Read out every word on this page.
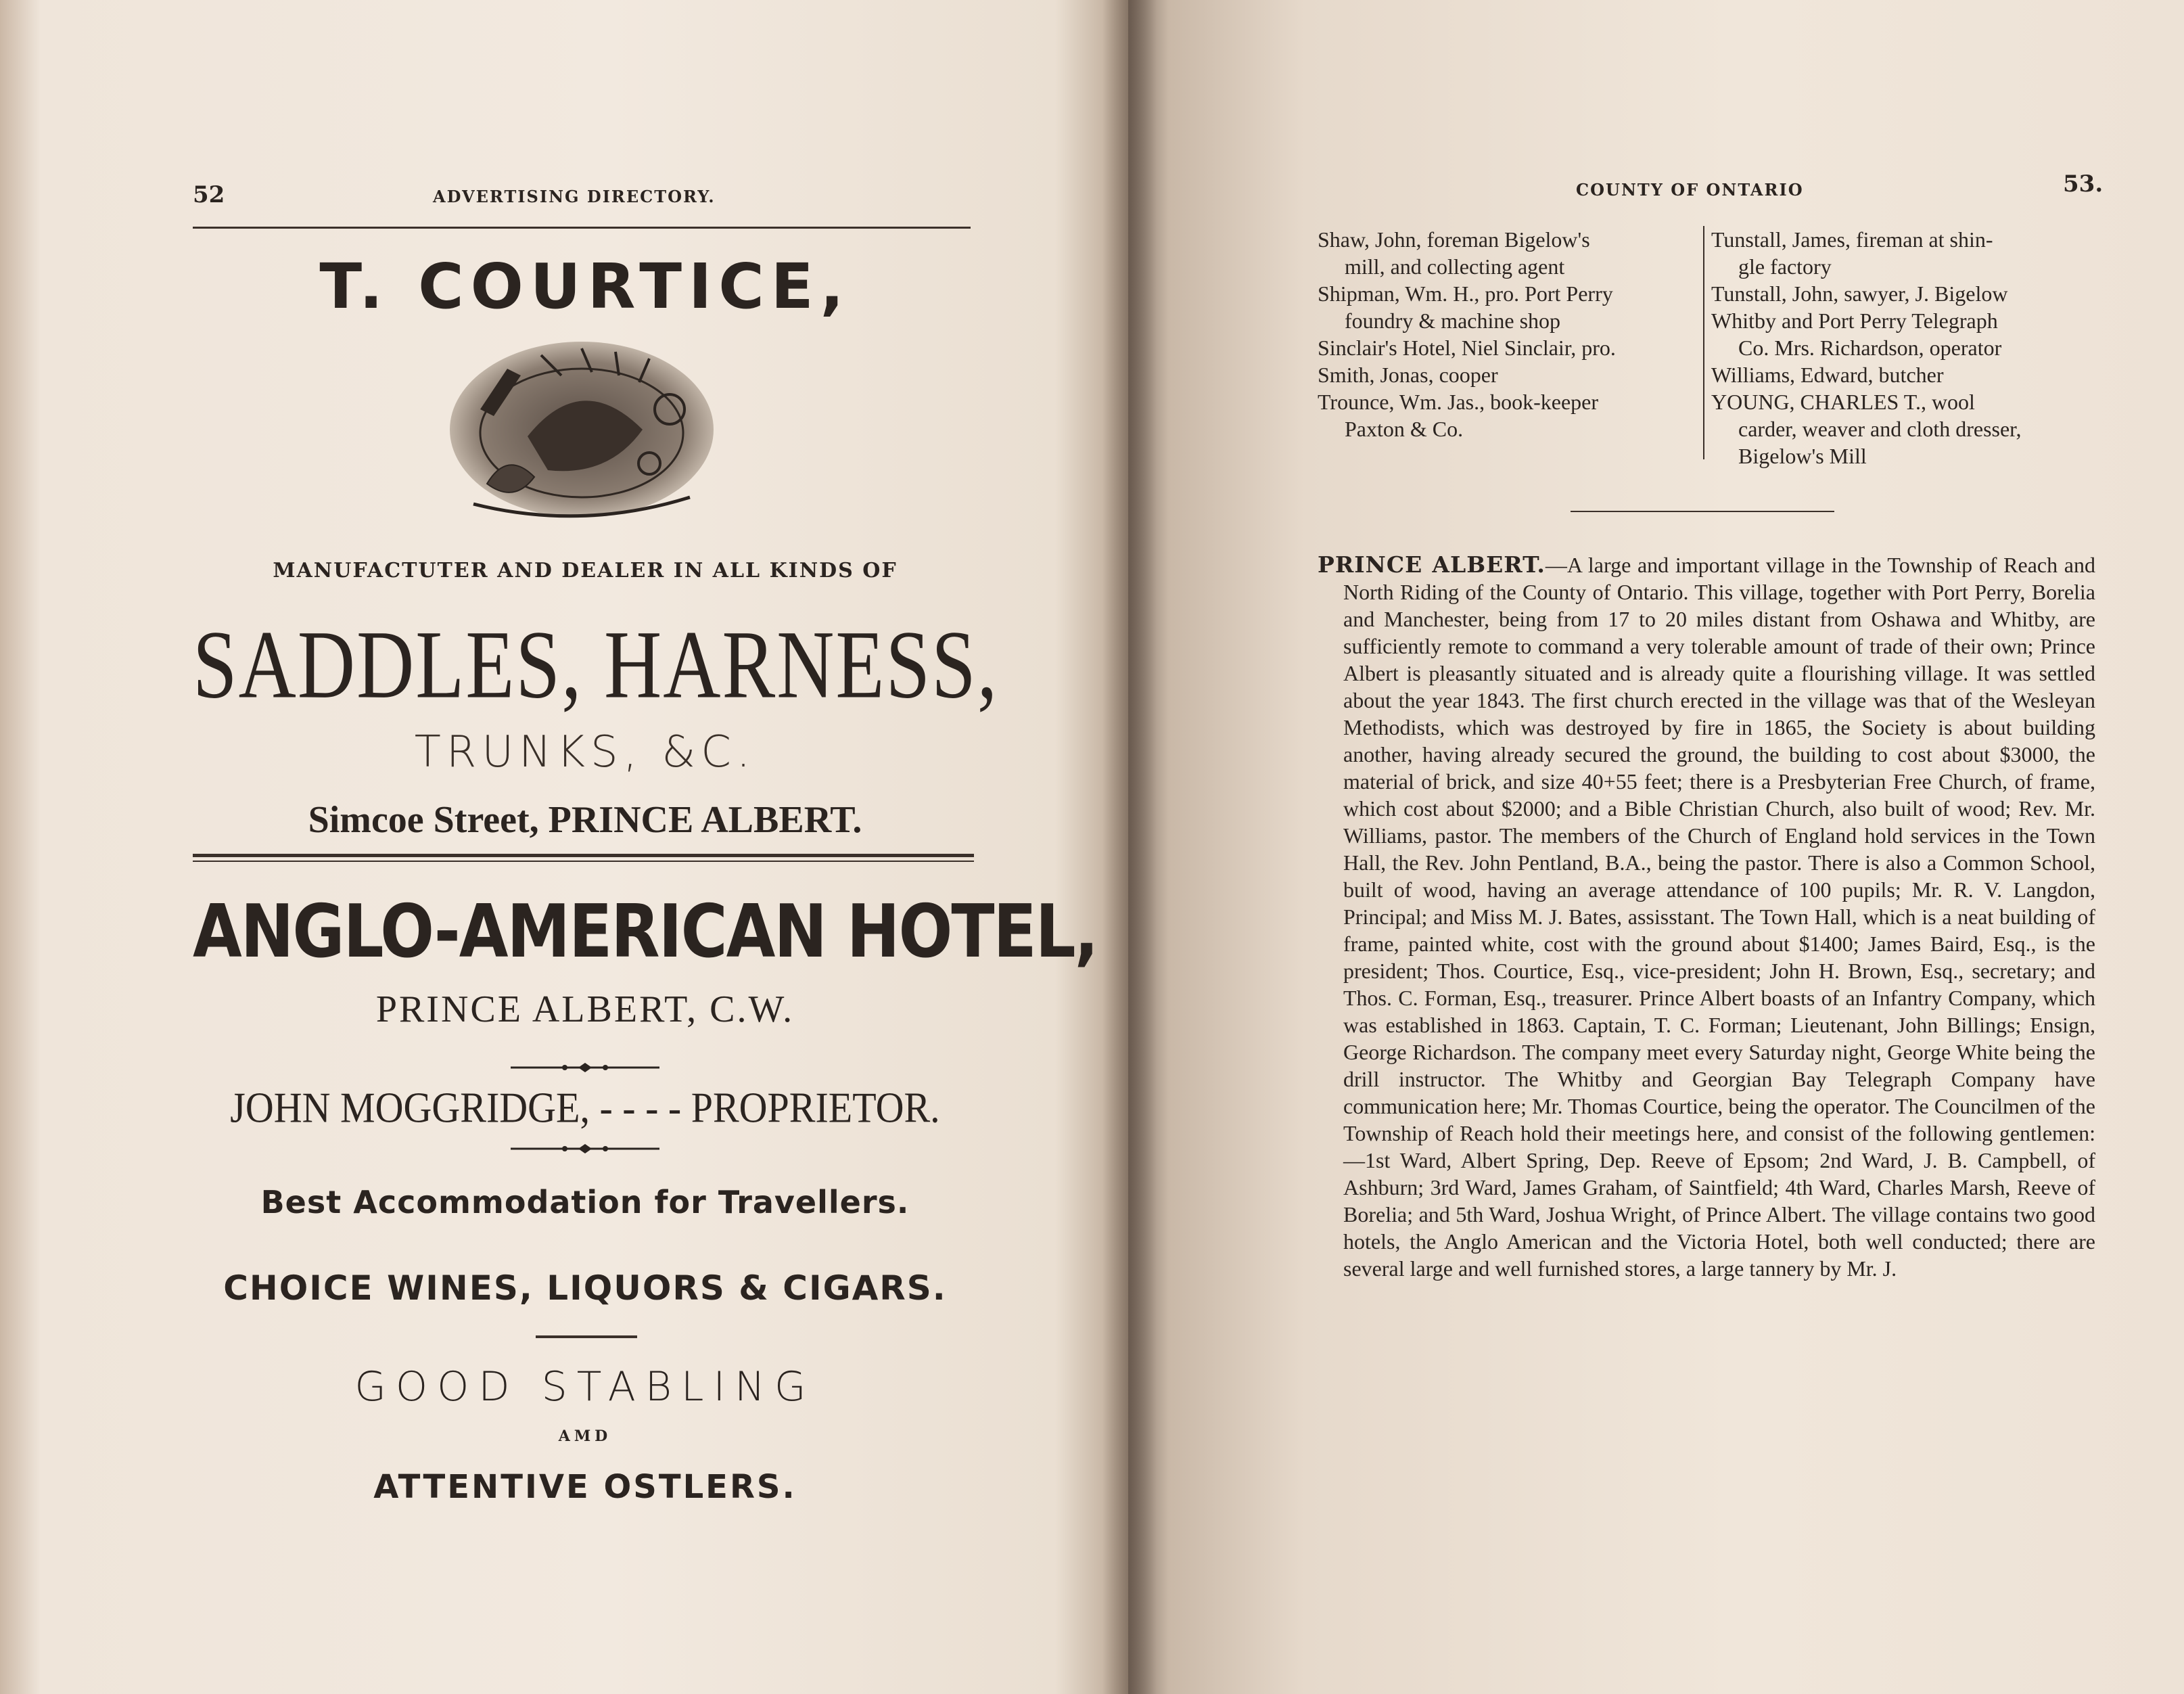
52	ADVERTISING DIRECTORY.
T. COURTICE,
MANUFACTUTER AND DEALER IN ALL KINDS OF
SADDLES, HARNESS,
TRUNKS, &C.
Simcoe Street, PRINCE ALBERT.
ANGLO-AMERICAN HOTEL,
PRINCE ALBERT, C.W.
JOHN MOGGRIDGE, - - - - PROPRIETOR.
Best Accommodation for Travellers.
CHOICE WINES, LIQUORS & CIGARS.
GOOD STABLING
AMD
ATTENTIVE OSTLERS.
COUNTY OF ONTARIO	53.
Shaw, John, foreman Bigelow's
mill, and collecting agent
Shipman, Wm. H., pro. Port Perry
foundry & machine shop
Sinclair's Hotel, Niel Sinclair, pro.
Smith, Jonas, cooper
Trounce, Wm. Jas., book-keeper
Paxton & Co.
Tunstall, James, fireman at shin-
gle factory
Tunstall, John, sawyer, J. Bigelow
Whitby and Port Perry Telegraph
Co. Mrs. Richardson, operator
Williams, Edward, butcher
YOUNG, CHARLES T., wool
carder, weaver and cloth dresser,
Bigelow's Mill

PRINCE ALBERT.—A large and important village in the Township of Reach and North Riding of the County of Ontario. This village, together with Port Perry, Borelia and Manchester, being from 17 to 20 miles distant from Oshawa and Whitby, are sufficiently remote to command a very tolerable amount of trade of their own; Prince Albert is pleasantly situated and is already quite a flourishing village. It was settled about the year 1843. The first church erected in the village was that of the Wesleyan Methodists, which was destroyed by fire in 1865, the Society is about building another, having already secured the ground, the building to cost about $3000, the material of brick, and size 40+55 feet; there is a Presbyterian Free Church, of frame, which cost about $2000; and a Bible Christian Church, also built of wood; Rev. Mr. Williams, pastor. The members of the Church of England hold services in the Town Hall, the Rev. John Pentland, B.A., being the pastor. There is also a Common School, built of wood, having an average attendance of 100 pupils; Mr. R. V. Langdon, Principal; and Miss M. J. Bates, assisstant. The Town Hall, which is a neat building of frame, painted white, cost with the ground about $1400; James Baird, Esq., is the president; Thos. Courtice, Esq., vice-president; John H. Brown, Esq., secretary; and Thos. C. Forman, Esq., treasurer. Prince Albert boasts of an Infantry Company, which was established in 1863. Captain, T. C. Forman; Lieutenant, John Billings; Ensign, George Richardson. The company meet every Saturday night, George White being the drill instructor. The Whitby and Georgian Bay Telegraph Company have communication here; Mr. Thomas Courtice, being the operator. The Councilmen of the Township of Reach hold their meetings here, and consist of the following gentlemen:—1st Ward, Albert Spring, Dep. Reeve of Epsom; 2nd Ward, J. B. Campbell, of Ashburn; 3rd Ward, James Graham, of Saintfield; 4th Ward, Charles Marsh, Reeve of Borelia; and 5th Ward, Joshua Wright, of Prince Albert. The village contains two good hotels, the Anglo American and the Victoria Hotel, both well conducted; there are several large and well furnished stores, a large tannery by Mr. J.
